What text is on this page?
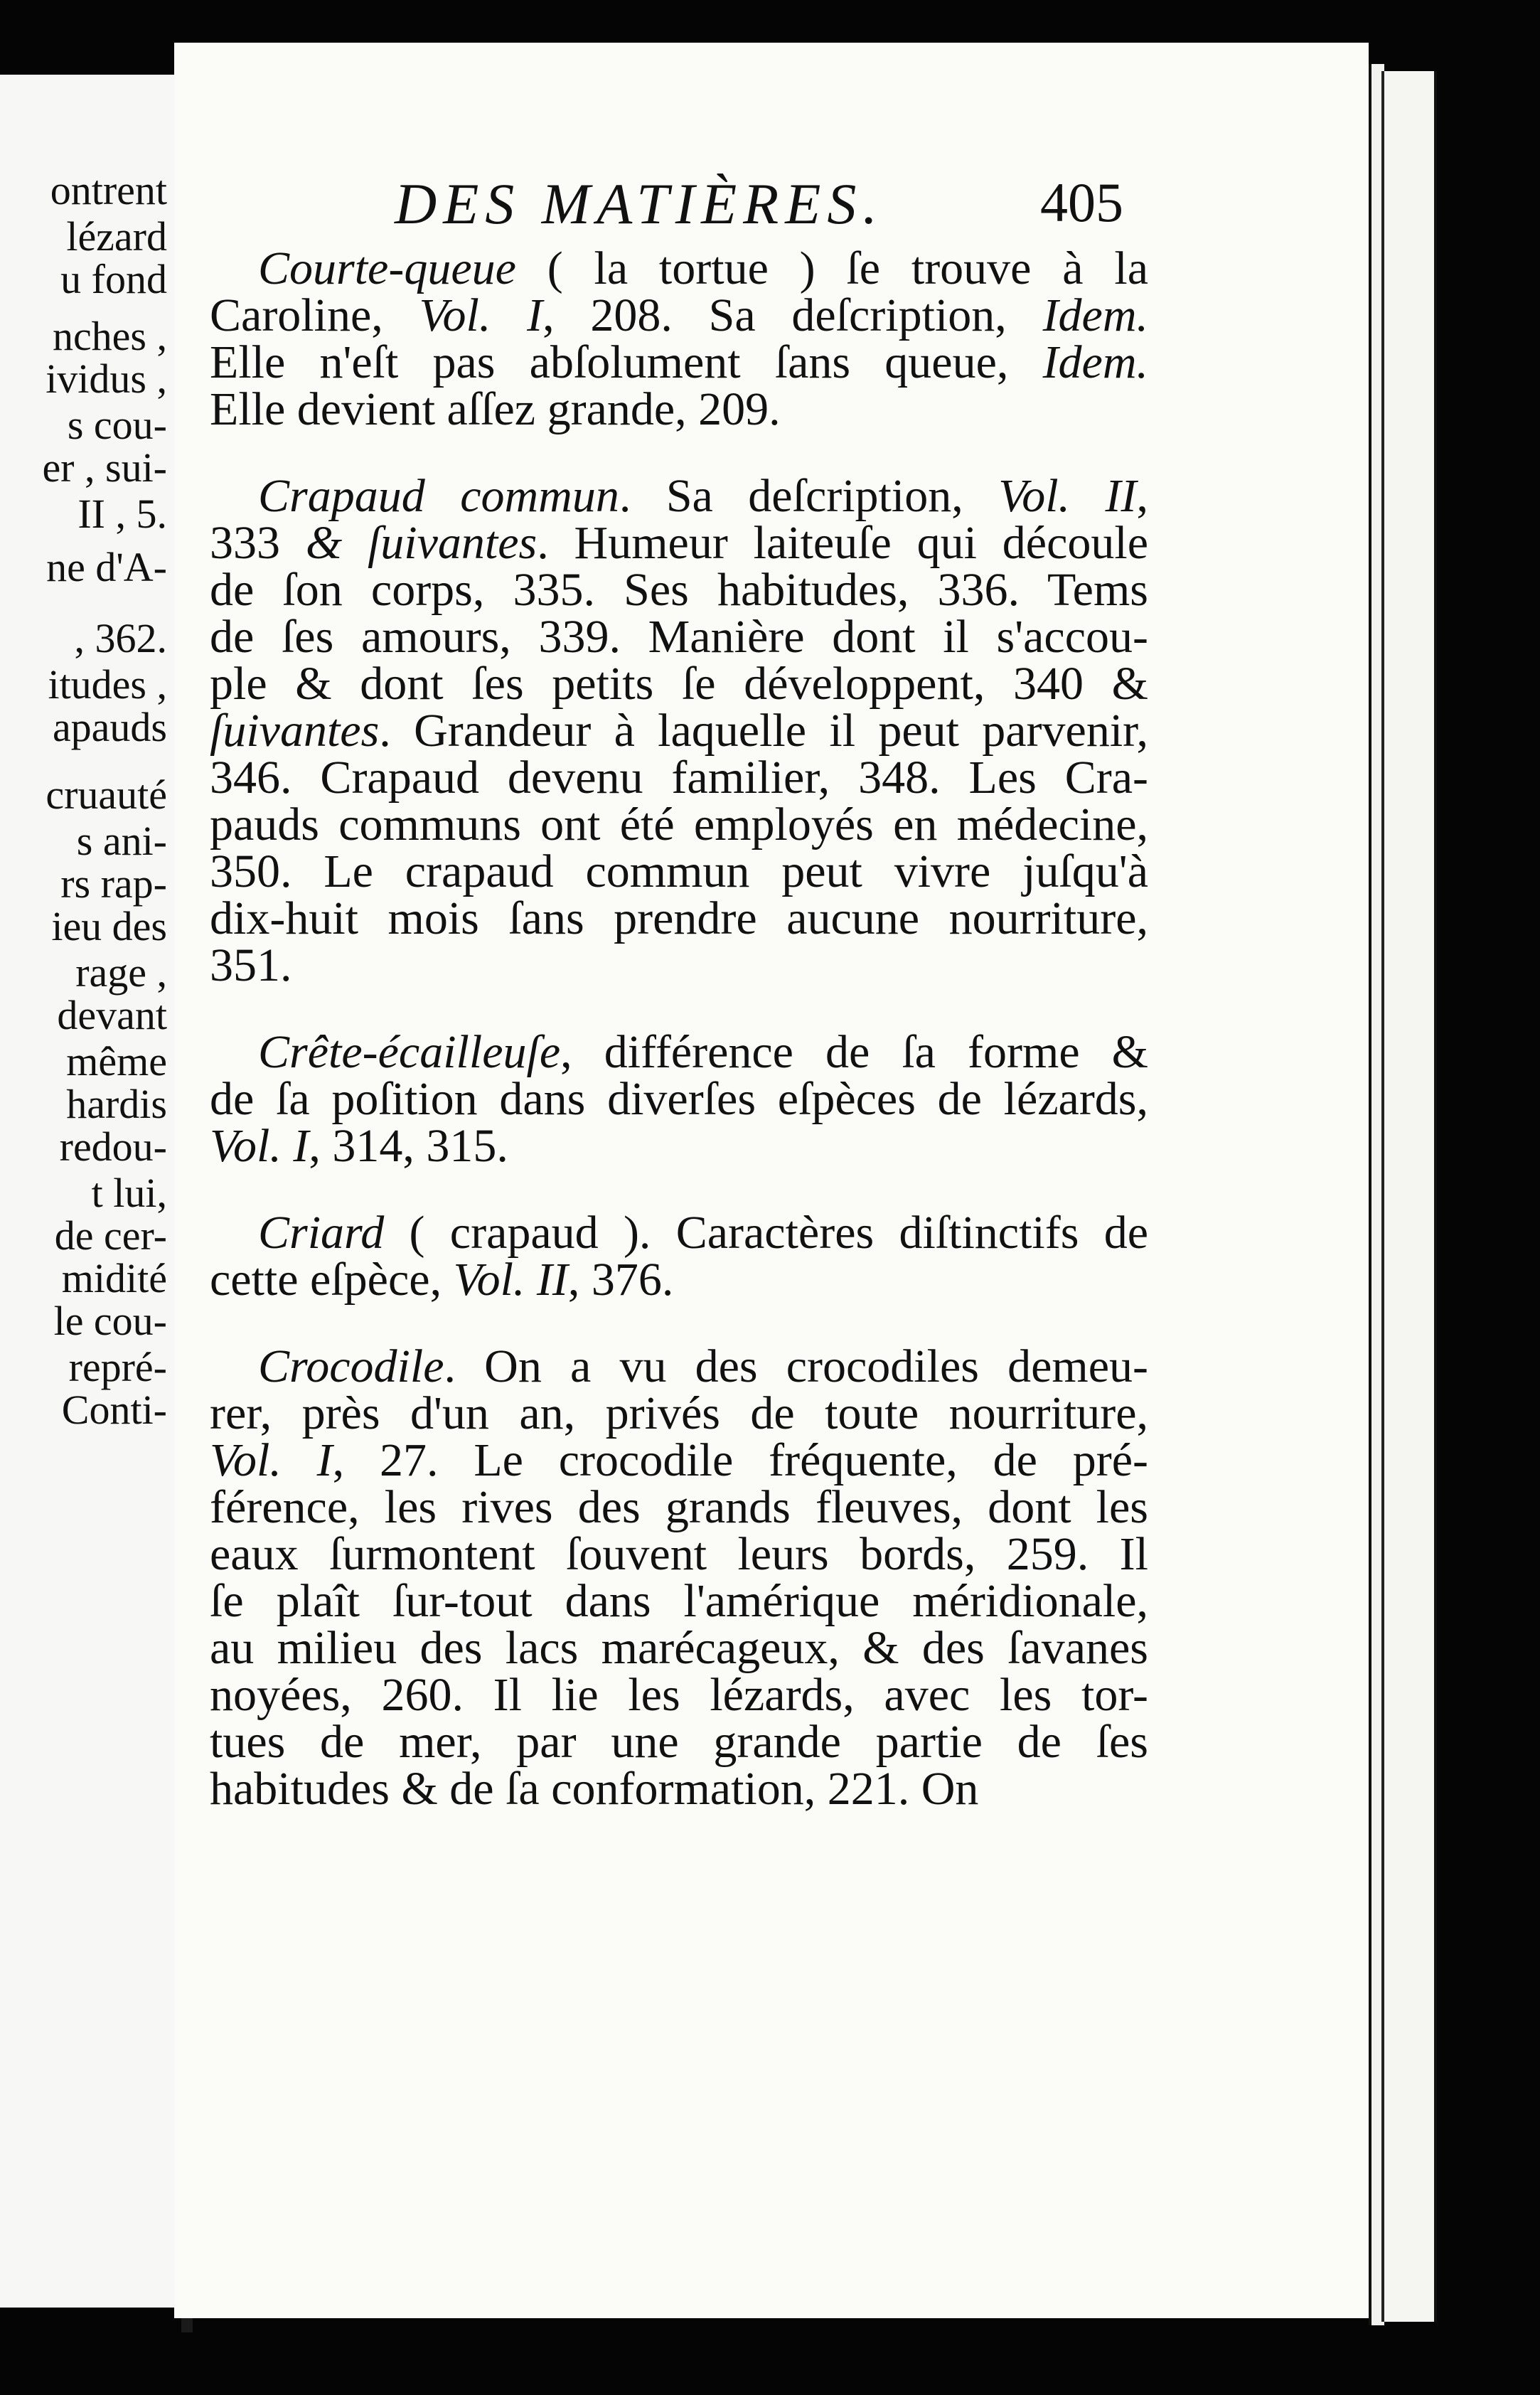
ontrent
lézard
u fond
nches ,
ividus ,
s cou-
er , sui-
II , 5.
ne d'A-
, 362.
itudes ,
apauds
cruauté
s ani-
rs rap-
ieu des
rage ,
devant
même
hardis
redou-
t lui,
de cer-
midité
le cou-
repré-
Conti-
DES MATIÈRES.	405
Courte-queue ( la tortue ) ſe trouve à la
Caroline, Vol. I, 208. Sa deſcription, Idem.
Elle n'eſt pas abſolument ſans queue, Idem.
Elle devient aſſez grande, 209.
Crapaud commun. Sa deſcription, Vol. II,
333 & ſuivantes. Humeur laiteuſe qui découle
de ſon corps, 335. Ses habitudes, 336. Tems
de ſes amours, 339. Manière dont il s'accou-
ple & dont ſes petits ſe développent, 340 &
ſuivantes. Grandeur à laquelle il peut parvenir,
346. Crapaud devenu familier, 348. Les Cra-
pauds communs ont été employés en médecine,
350. Le crapaud commun peut vivre juſqu'à
dix-huit mois ſans prendre aucune nourriture,
351.
Crête-écailleuſe, différence de ſa forme &
de ſa poſition dans diverſes eſpèces de lézards,
Vol. I, 314, 315.
Criard ( crapaud ). Caractères diſtinctifs de
cette eſpèce, Vol. II, 376.
Crocodile. On a vu des crocodiles demeu-
rer, près d'un an, privés de toute nourriture,
Vol. I, 27. Le crocodile fréquente, de pré-
férence, les rives des grands fleuves, dont les
eaux ſurmontent ſouvent leurs bords, 259. Il
ſe plaît ſur-tout dans l'amérique méridionale,
au milieu des lacs marécageux, & des ſavanes
noyées, 260. Il lie les lézards, avec les tor-
tues de mer, par une grande partie de ſes
habitudes & de ſa conformation, 221. On
